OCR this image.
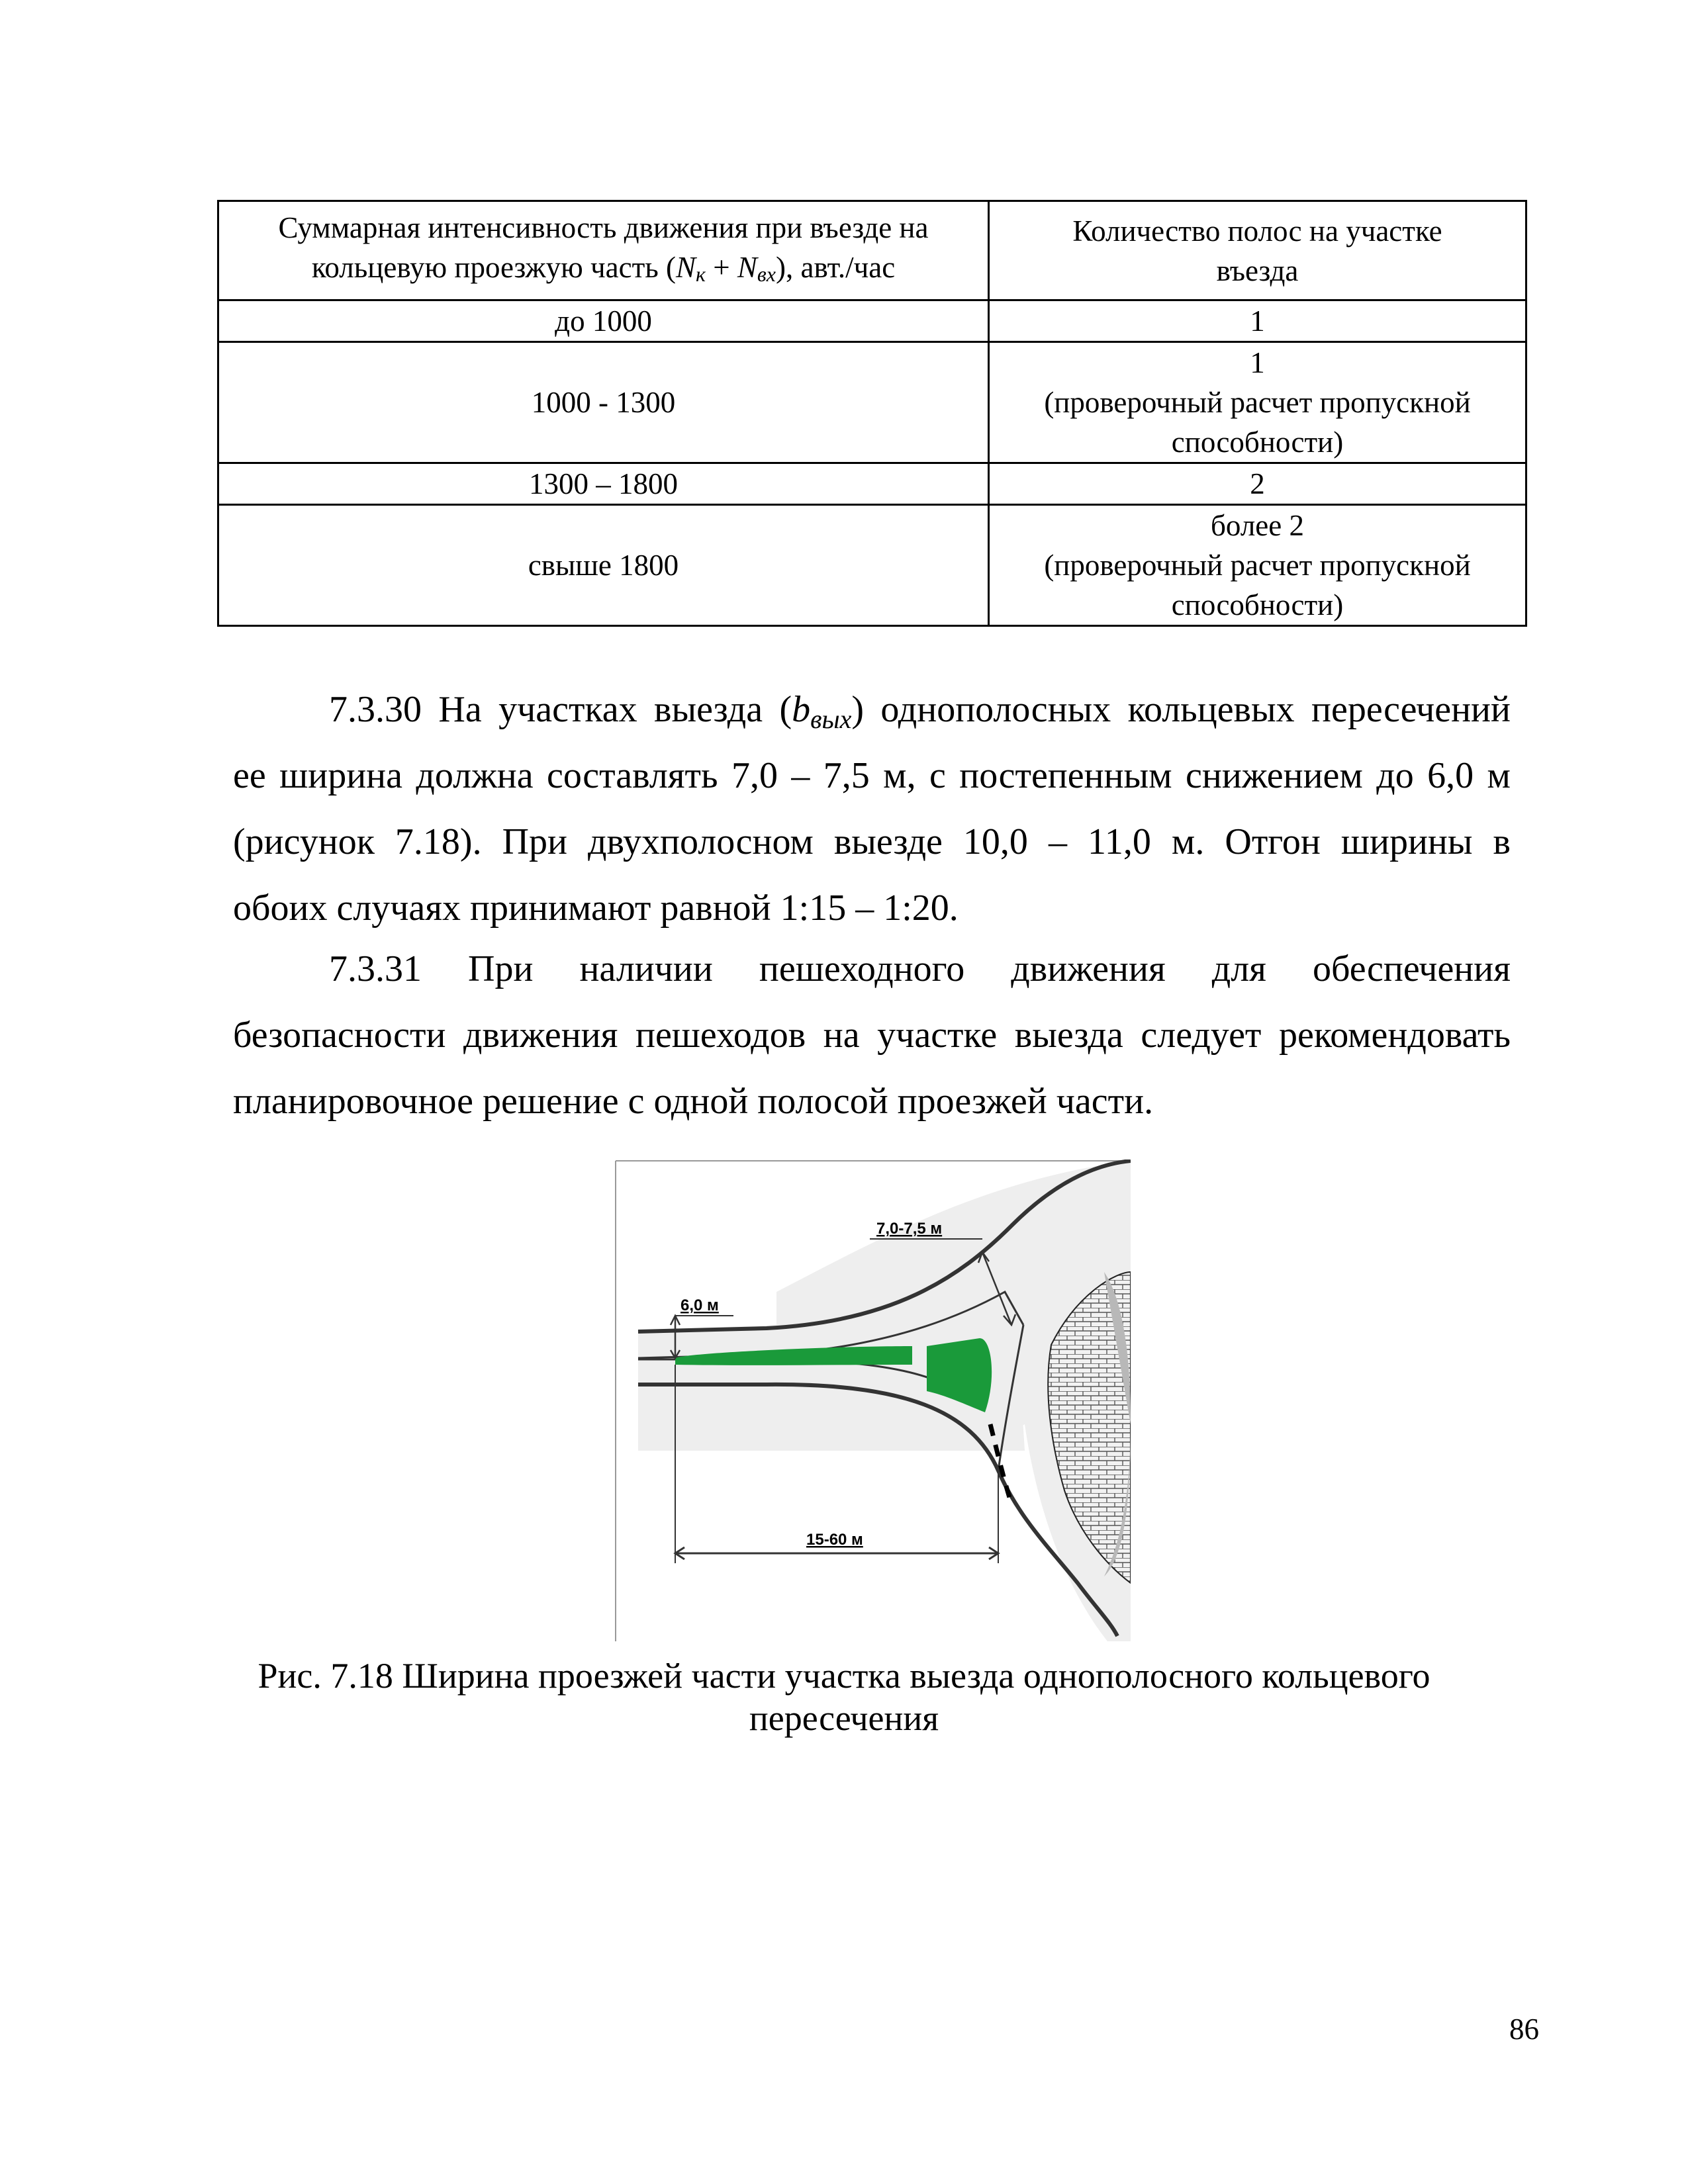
Суммарная интенсивность движения при въезде на
кольцевую проезжую часть (Nк + Nвх), авт./час	Количество полос на участке
въезда

до 1000	1
1000 - 1300	1
(проверочный расчет пропускной
способности)

1300 – 1800	2
свыше 1800	более 2
(проверочный расчет пропускной
способности)
7.3.30 На участках выезда $(b_{вых})$ однополосных кольцевых пересечений
ее ширина должна составлять 7,0 – 7,5 м, с постепенным снижением до 6,0 м
(рисунок 7.18). При двухполосном выезде 10,0 – 11,0 м. Отгон ширины в
обоих случаях принимают равной 1:15 – 1:20.
7.3.31 При наличии пешеходного движения для обеспечения
безопасности движения пешеходов на участке выезда следует рекомендовать
планировочное решение с одной полосой проезжей части.
6,0 м
7,0-7,5 м
15-60 м
Рис. 7.18 Ширина проезжей части участка выезда однополосного кольцевого
пересечения
86
